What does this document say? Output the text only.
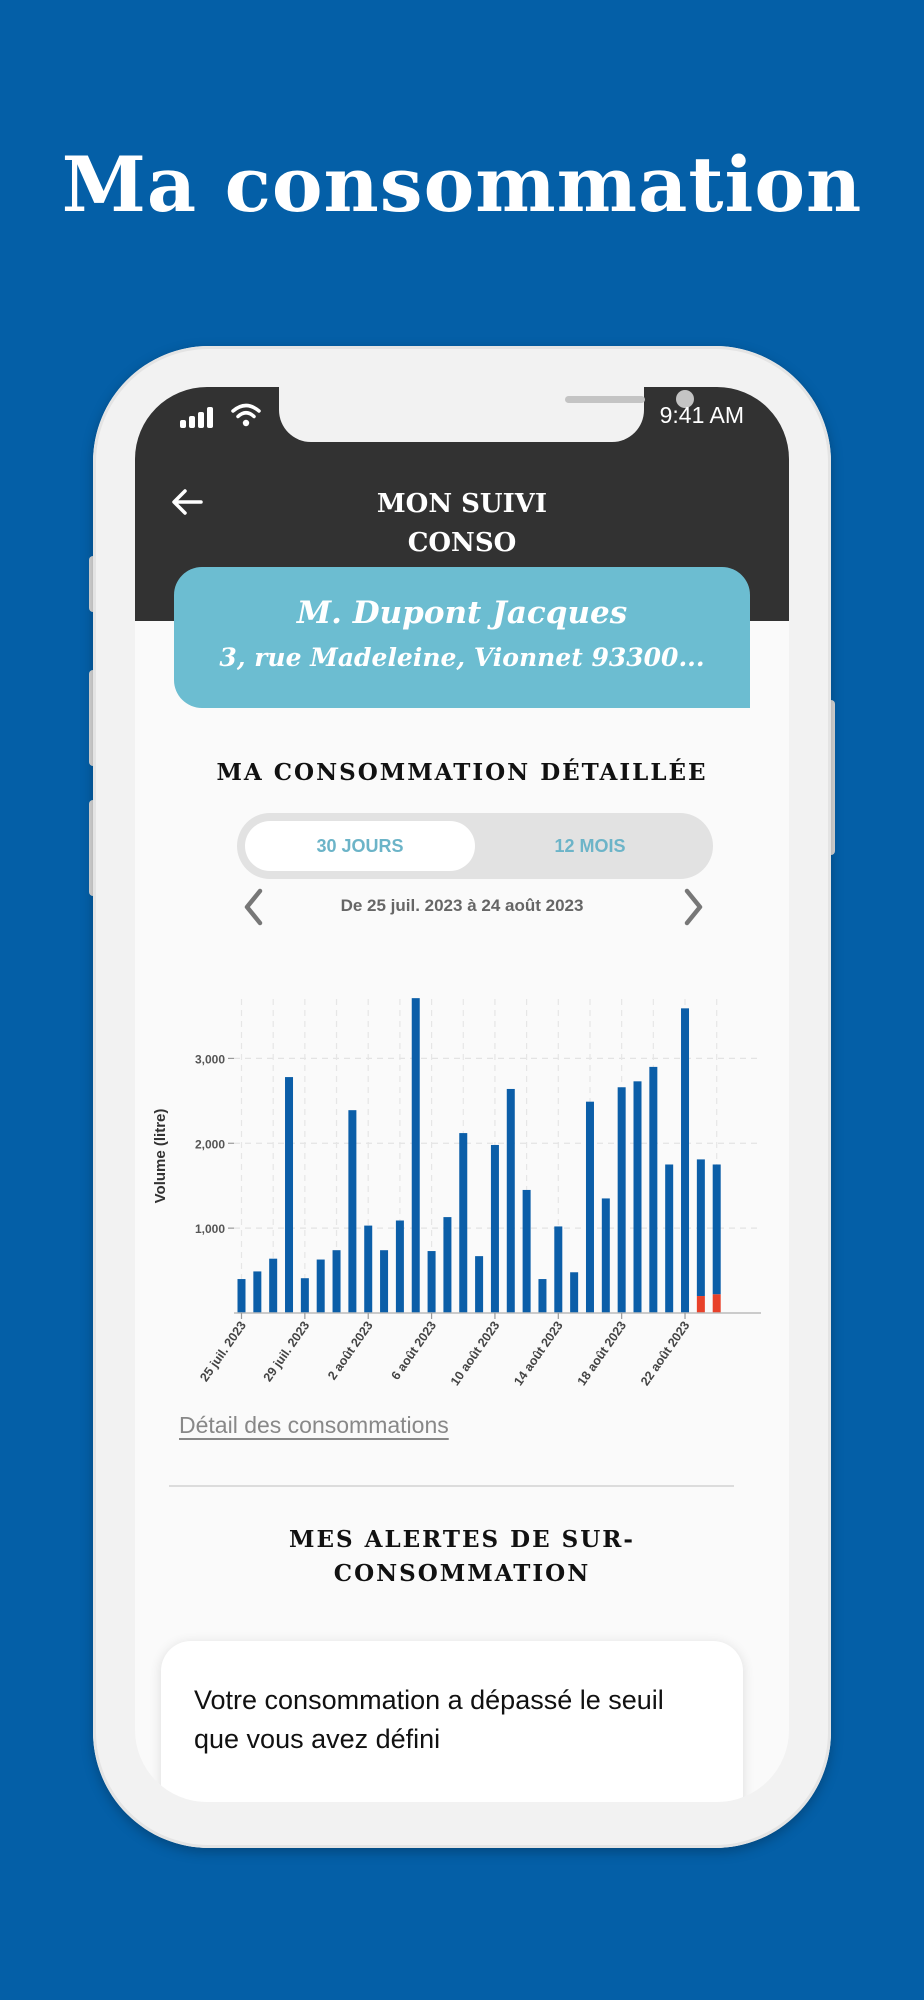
Ma consommation
9:41 AM
MON SUIVI
CONSO
M. Dupont Jacques
3, rue Madeleine, Vionnet 93300...
MA CONSOMMATION DÉTAILLÉE
30 JOURS	12 MOIS
De 25 juil. 2023 à 24 août 2023
1,000
2,000
3,000
Volume (litre)
25 juil. 2023 29 juil. 2023 2 août 2023 6 août 2023 10 août 2023 14 août 2023 18 août 2023 22 août 2023
Détail des consommations
MES ALERTES DE SUR-
CONSOMMATION
Votre consommation a dépassé le seuil que vous avez défini
